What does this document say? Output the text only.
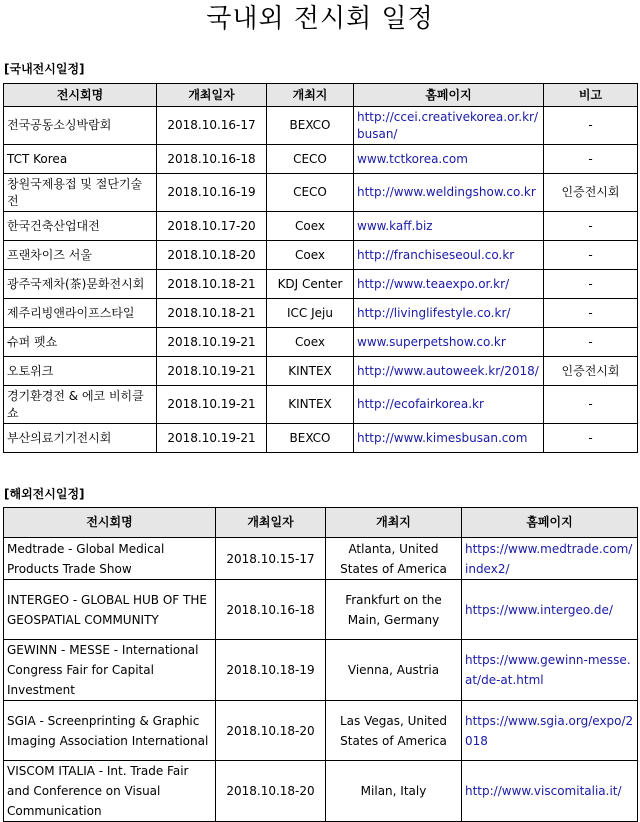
국내외 전시회 일정
[국내전시일정]
전시회명	개최일자	개최지	홈페이지	비고
전국공동소싱박람회	2018.10.16-17	BEXCO	http://ccei.creativekorea.or.kr/busan/	-
TCT Korea	2018.10.16-18	CECO	www.tctkorea.com	-
창원국제용접 및 절단기술전	2018.10.16-19	CECO	http://www.weldingshow.co.kr	인증전시회
한국건축산업대전	2018.10.17-20	Coex	www.kaff.biz	-
프랜차이즈 서울	2018.10.18-20	Coex	http://franchiseseoul.co.kr	-
광주국제차(茶)문화전시회	2018.10.18-21	KDJ Center	http://www.teaexpo.or.kr/	-
제주리빙앤라이프스타일	2018.10.18-21	ICC Jeju	http://livinglifestyle.co.kr/	-
슈퍼 펫쇼	2018.10.19-21	Coex	www.superpetshow.co.kr	-
오토위크	2018.10.19-21	KINTEX	http://www.autoweek.kr/2018/	인증전시회
경기환경전 & 에코 비히클쇼	2018.10.19-21	KINTEX	http://ecofairkorea.kr	-
부산의료기기전시회	2018.10.19-21	BEXCO	http://www.kimesbusan.com	-
[해외전시일정]
전시회명	개최일자	개최지	홈페이지
Medtrade - Global Medical Products Trade Show	2018.10.15-17	Atlanta, United States of America	https://www.medtrade.com/index2/
INTERGEO - GLOBAL HUB OF THE GEOSPATIAL COMMUNITY	2018.10.16-18	Frankfurt on the Main, Germany	https://www.intergeo.de/
GEWINN - MESSE - International Congress Fair for Capital Investment	2018.10.18-19	Vienna, Austria	https://www.gewinn-messe.at/de-at.html
SGIA - Screenprinting & Graphic Imaging Association International	2018.10.18-20	Las Vegas, United States of America	https://www.sgia.org/expo/2018
VISCOM ITALIA - Int. Trade Fair and Conference on Visual Communication	2018.10.18-20	Milan, Italy	http://www.viscomitalia.it/
